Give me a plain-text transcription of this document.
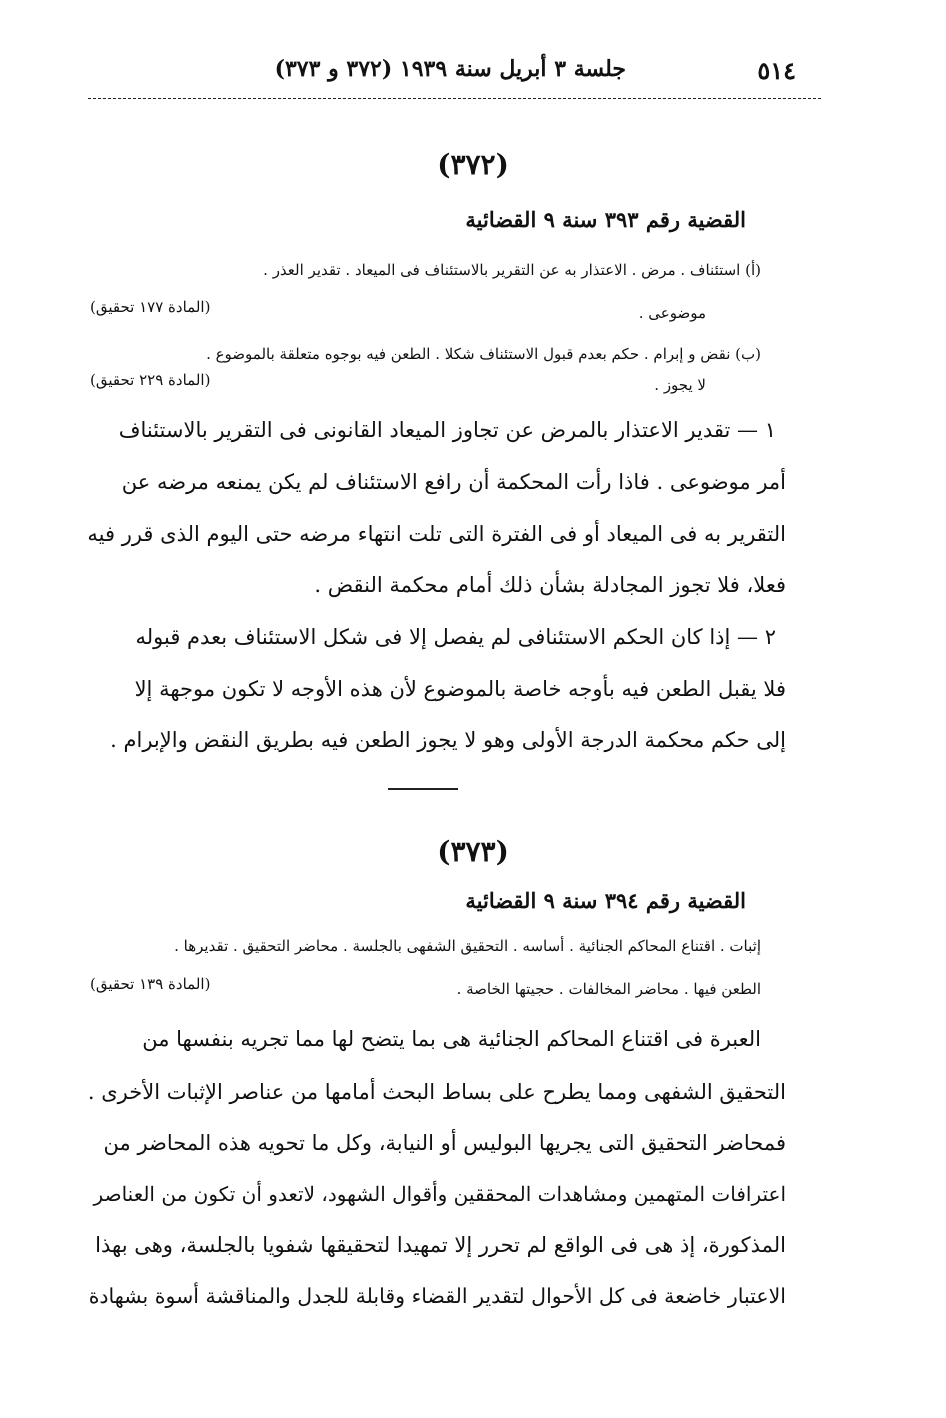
٥١٤
جلسة ٣ أبريل سنة ١٩٣٩ (٣٧٢ و ٣٧٣)
(٣٧٢)
القضية رقم ٣٩٣ سنة ٩ القضائية
(أ) استئناف . مرض . الاعتذار به عن التقرير بالاستئناف فى الميعاد . تقدير العذر .
موضوعى .
(المادة ١٧٧ تحقيق)
(ب) نقض و إبرام . حكم بعدم قبول الاستئناف شكلا . الطعن فيه بوجوه متعلقة بالموضوع .
لا يجوز .
(المادة ٢٢٩ تحقيق)
١ — تقدير الاعتذار بالمرض عن تجاوز الميعاد القانونى فى التقرير بالاستئناف
أمر موضوعى . فاذا رأت المحكمة أن رافع الاستئناف لم يكن يمنعه مرضه عن
التقرير به فى الميعاد أو فى الفترة التى تلت انتهاء مرضه حتى اليوم الذى قرر فيه
فعلا، فلا تجوز المجادلة بشأن ذلك أمام محكمة النقض .
٢ — إذا كان الحكم الاستئنافى لم يفصل إلا فى شكل الاستئناف بعدم قبوله
فلا يقبل الطعن فيه بأوجه خاصة بالموضوع لأن هذه الأوجه لا تكون موجهة إلا
إلى حكم محكمة الدرجة الأولى وهو لا يجوز الطعن فيه بطريق النقض والإبرام .
(٣٧٣)
القضية رقم ٣٩٤ سنة ٩ القضائية
إثبات . اقتناع المحاكم الجنائية . أساسه . التحقيق الشفهى بالجلسة . محاضر التحقيق . تقديرها .
الطعن فيها . محاضر المخالفات . حجيتها الخاصة .
(المادة ١٣٩ تحقيق)
العبرة فى اقتناع المحاكم الجنائية هى بما يتضح لها مما تجريه بنفسها من
التحقيق الشفهى ومما يطرح على بساط البحث أمامها من عناصر الإثبات الأخرى .
فمحاضر التحقيق التى يجريها البوليس أو النيابة، وكل ما تحويه هذه المحاضر من
اعترافات المتهمين ومشاهدات المحققين وأقوال الشهود، لاتعدو أن تكون من العناصر
المذكورة، إذ هى فى الواقع لم تحرر إلا تمهيدا لتحقيقها شفويا بالجلسة، وهى بهذا
الاعتبار خاضعة فى كل الأحوال لتقدير القضاء وقابلة للجدل والمناقشة أسوة بشهادة
